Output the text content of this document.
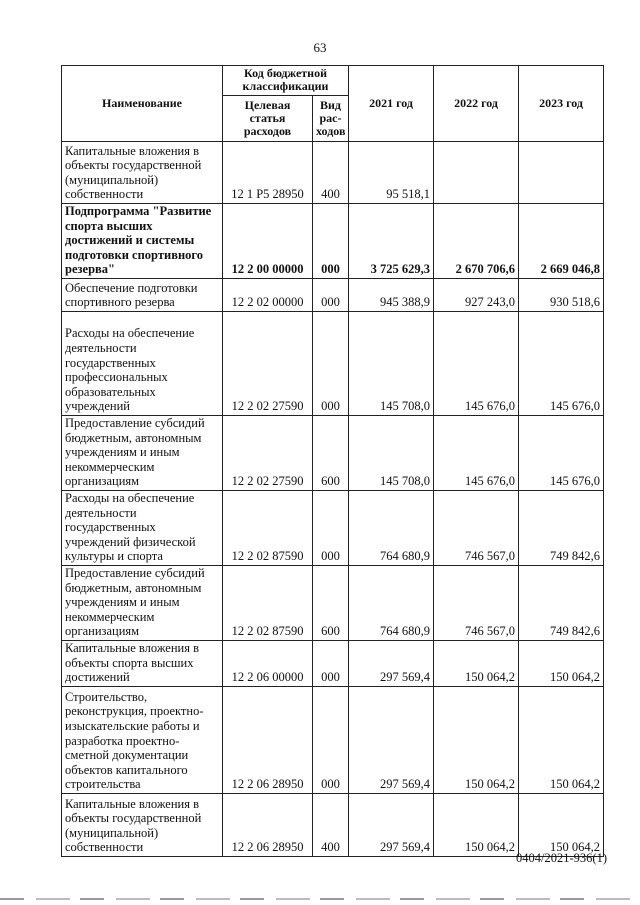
63
Наименование	Код бюджетной классификации		2021 год	2022 год	2023 год
	Целевая статья расходов	Вид рас-ходов			
Капитальные вложения в объекты государственной (муниципальной) собственности	12 1 P5 28950	400	95 518,1		
Подпрограмма "Развитие спорта высших достижений и системы подготовки спортивного резерва"	12 2 00 00000	000	3 725 629,3	2 670 706,6	2 669 046,8
Обеспечение подготовки спортивного резерва	12 2 02 00000	000	945 388,9	927 243,0	930 518,6
Расходы на обеспечение деятельности государственных профессиональных образовательных учреждений	12 2 02 27590	000	145 708,0	145 676,0	145 676,0
Предоставление субсидий бюджетным, автономным учреждениям и иным некоммерческим организациям	12 2 02 27590	600	145 708,0	145 676,0	145 676,0
Расходы на обеспечение деятельности государственных учреждений физической культуры и спорта	12 2 02 87590	000	764 680,9	746 567,0	749 842,6
Предоставление субсидий бюджетным, автономным учреждениям и иным некоммерческим организациям	12 2 02 87590	600	764 680,9	746 567,0	749 842,6
Капитальные вложения в объекты спорта высших достижений	12 2 06 00000	000	297 569,4	150 064,2	150 064,2
Строительство, реконструкция, проектно-изыскательские работы и разработка проектно-сметной документации объектов капитального строительства	12 2 06 28950	000	297 569,4	150 064,2	150 064,2
Капитальные вложения в объекты государственной (муниципальной) собственности	12 2 06 28950	400	297 569,4	150 064,2	150 064,2
0404/2021-936(1)
